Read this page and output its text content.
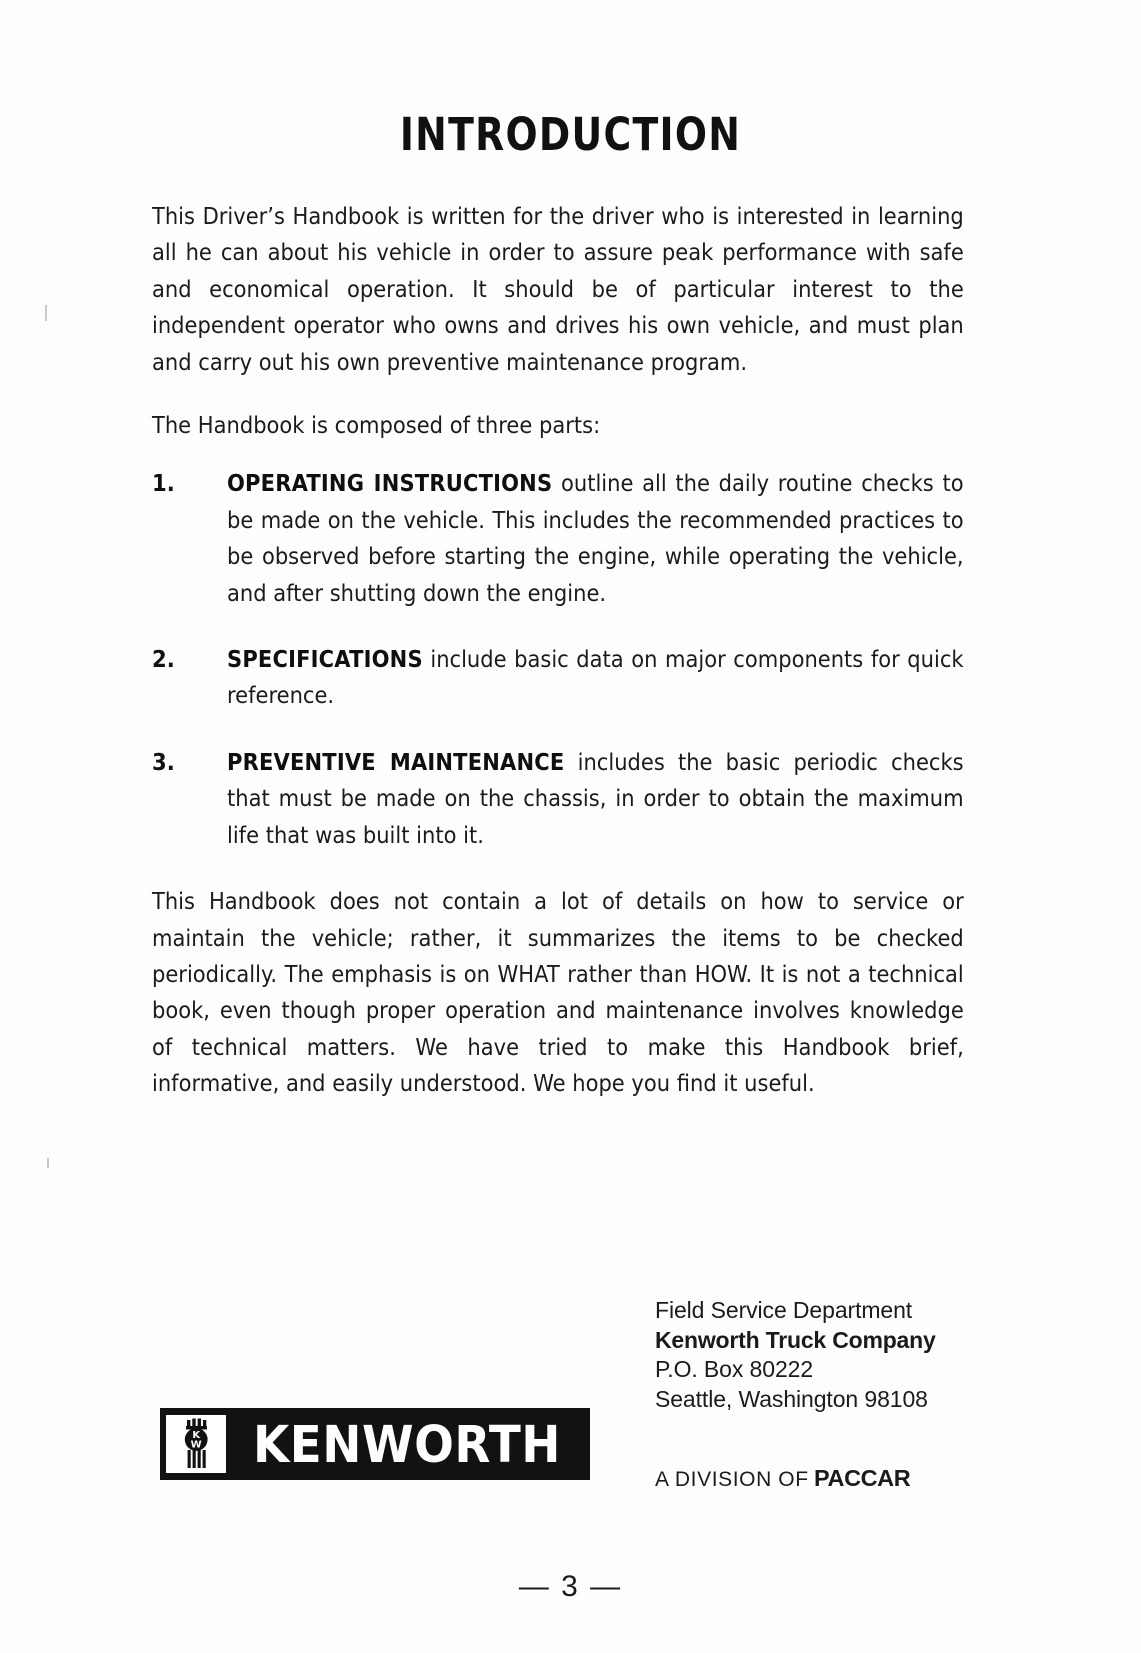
INTRODUCTION

This Driver’s Handbook is written for the driver who is interested in learning all he can about his vehicle in order to assure peak performance with safe and economical operation. It should be of particular interest to the independent operator who owns and drives his own vehicle, and must plan and carry out his own preventive maintenance program.

The Handbook is composed of three parts:

1. OPERATING INSTRUCTIONS outline all the daily routine checks to be made on the vehicle. This includes the recommended practices to be observed before starting the engine, while operating the vehicle, and after shutting down the engine.
2. SPECIFICATIONS include basic data on major components for quick reference.
3. PREVENTIVE MAINTENANCE includes the basic periodic checks that must be made on the chassis, in order to obtain the maximum life that was built into it.

This Handbook does not contain a lot of details on how to service or maintain the vehicle; rather, it summarizes the items to be checked periodically. The emphasis is on WHAT rather than HOW. It is not a technical book, even though proper operation and maintenance involves knowledge of technical matters. We have tried to make this Handbook brief, informative, and easily understood. We hope you find it useful.

Field Service Department
Kenworth Truck Company
P.O. Box 80222
Seattle, Washington 98108
A DIVISION OF PACCAR
K
W	KENWORTH
— 3 —
